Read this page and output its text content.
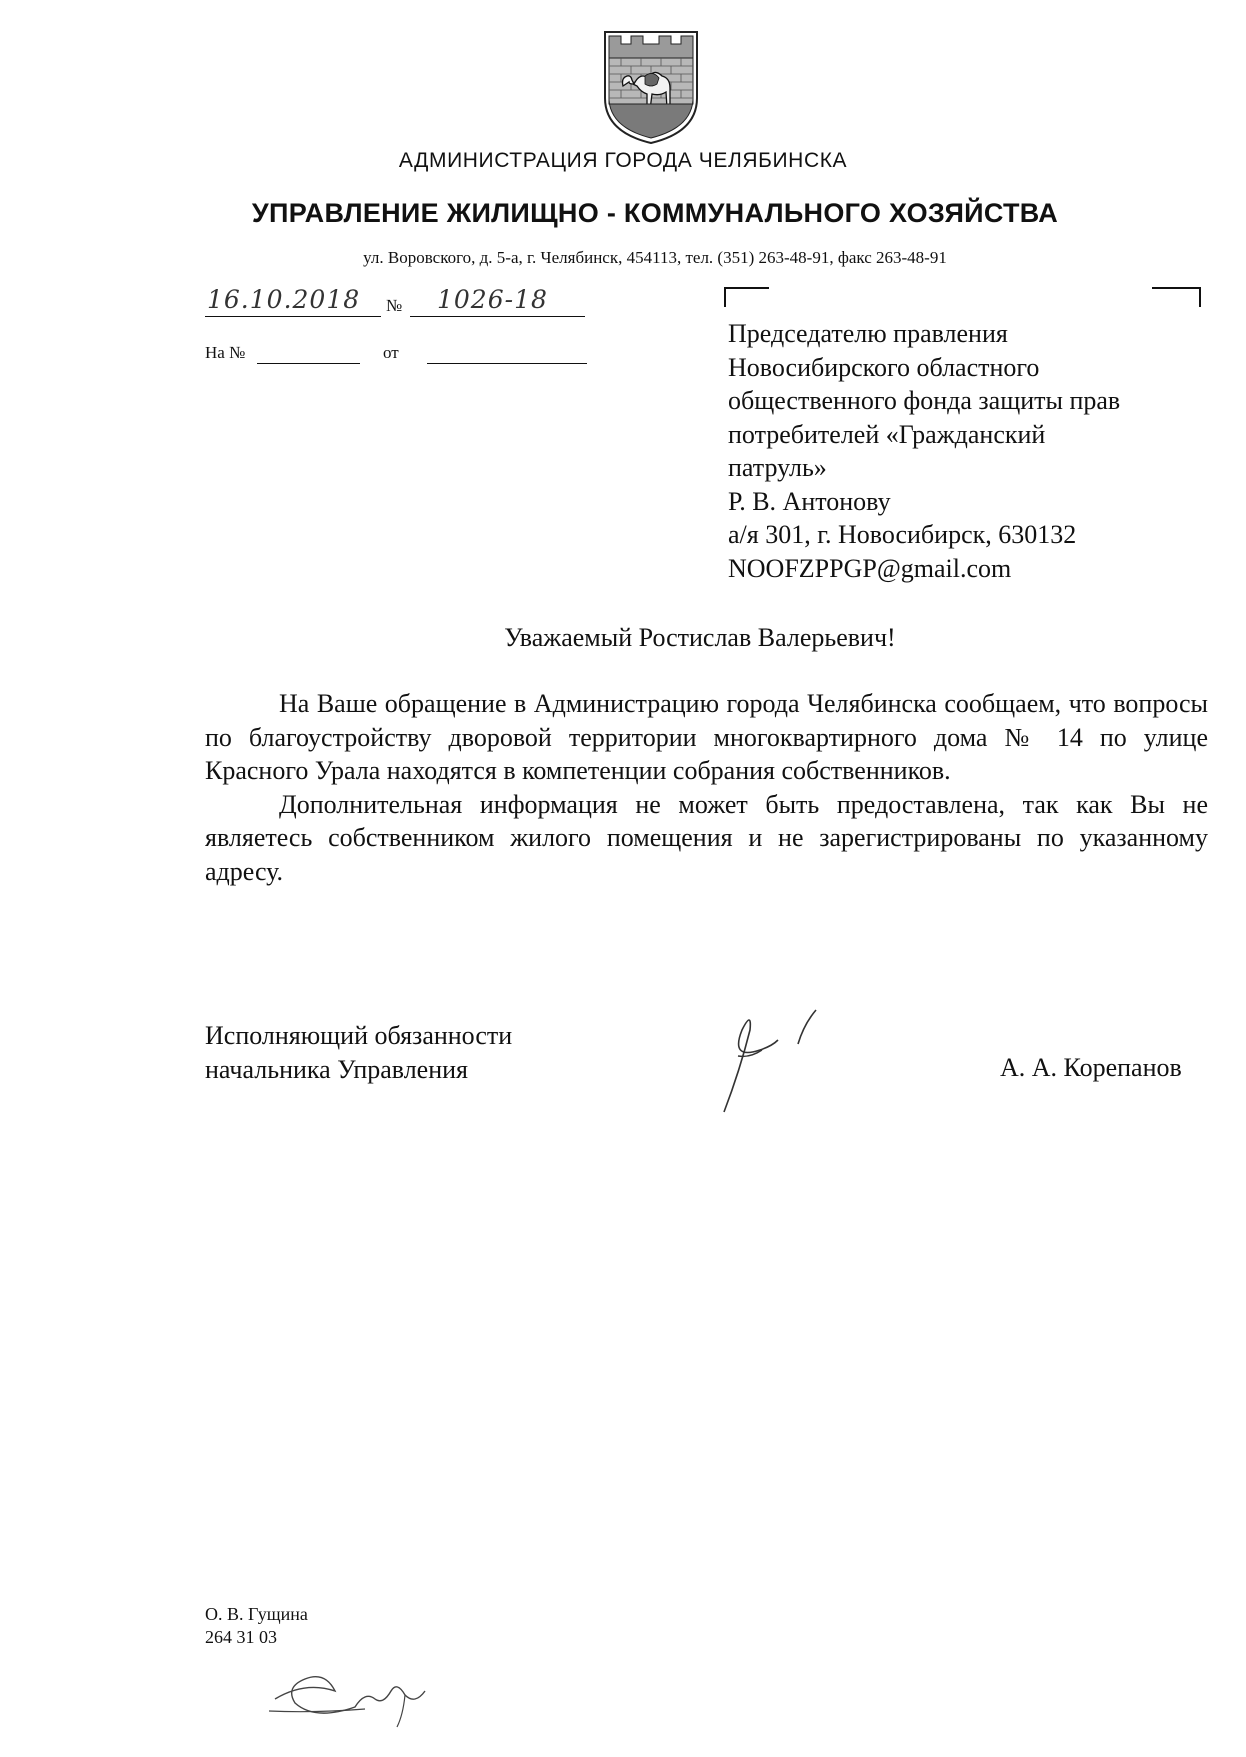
АДМИНИСТРАЦИЯ ГОРОДА ЧЕЛЯБИНСКА
УПРАВЛЕНИЕ ЖИЛИЩНО - КОММУНАЛЬНОГО ХОЗЯЙСТВА
ул. Воровского, д. 5-а, г. Челябинск, 454113, тел. (351) 263-48-91, факс 263-48-91
16.10.2018 № 1026-18
На №	от
Председателю правления
Новосибирского областного
общественного фонда защиты прав
потребителей «Гражданский
патруль»
Р. В. Антонову
а/я 301, г. Новосибирск, 630132
NOOFZPPGP@gmail.com
Уважаемый Ростислав Валерьевич!

На Ваше обращение в Администрацию города Челябинска сообщаем, что вопросы по благоустройству дворовой территории многоквартирного дома № 14 по улице Красного Урала находятся в компетенции собрания собственников.

Дополнительная информация не может быть предоставлена, так как Вы не являетесь собственником жилого помещения и не зарегистрированы по указанному адресу.

Исполняющий обязанности
начальника Управления	А. А. Корепанов
О. В. Гущина
264 31 03
